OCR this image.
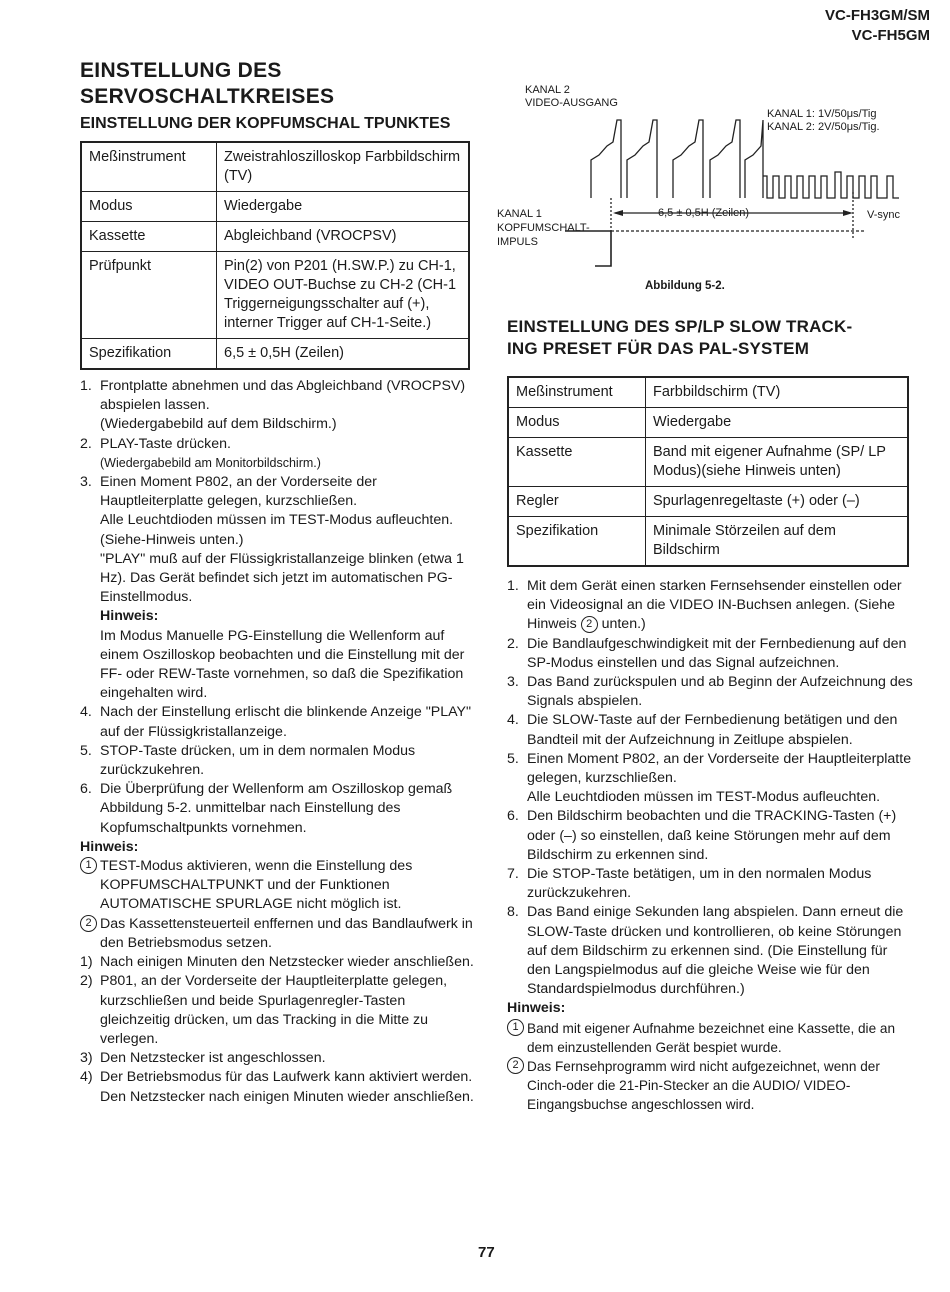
VC-FH3GM/SM
VC-FH5GM
EINSTELLUNG DES
SERVOSCHALTKREISES
EINSTELLUNG DER KOPFUMSCHAL TPUNKTES
Meßinstrument	Zweistrahloszilloskop Farbbildschirm (TV)
Modus	Wiedergabe
Kassette	Abgleichband (VROCPSV)
Prüfpunkt	Pin(2) von P201 (H.SW.P.) zu CH-1, VIDEO OUT-Buchse zu CH-2 (CH-1 Triggerneigungsschalter auf (+), interner Trigger auf CH-1-Seite.)
Spezifikation	6,5 ± 0,5H (Zeilen)
1. Frontplatte abnehmen und das Abgleichband (VROCPSV) abspielen lassen.
(Wiedergabebild auf dem Bildschirm.)
2. PLAY-Taste drücken.
(Wiedergabebild am Monitorbildschirm.)
3. Einen Moment P802, an der Vorderseite der Hauptleiterplatte gelegen, kurzschließen.
Alle Leuchtdioden müssen im TEST-Modus aufleuchten. (Siehe-Hinweis unten.)
"PLAY" muß auf der Flüssigkristallanzeige blinken (etwa 1 Hz). Das Gerät befindet sich jetzt im automatischen PG-Einstellmodus.
Hinweis:
Im Modus Manuelle PG-Einstellung die Wellenform auf einem Oszilloskop beobachten und die Einstellung mit der FF- oder REW-Taste vornehmen, so daß die Spezifikation eingehalten wird.
4. Nach der Einstellung erlischt die blinkende Anzeige "PLAY" auf der Flüssigkristallanzeige.
5. STOP-Taste drücken, um in dem normalen Modus zurückzukehren.
6. Die Überprüfung der Wellenform am Oszilloskop gemaß Abbildung 5-2. unmittelbar nach Einstellung des Kopfumschaltpunkts vornehmen.
Hinweis:
1 TEST-Modus aktivieren, wenn die Einstellung des KOPFUMSCHALTPUNKT und der Funktionen AUTOMATISCHE SPURLAGE nicht möglich ist.
2 Das Kassettensteuerteil enffernen und das Bandlaufwerk in den Betriebsmodus setzen.
1) Nach einigen Minuten den Netzstecker wieder anschließen.
2) P801, an der Vorderseite der Hauptleiterplatte gelegen, kurzschließen und beide Spurlagenregler-Tasten gleichzeitig drücken, um das Tracking in die Mitte zu verlegen.
3) Den Netzstecker ist angeschlossen.
4) Der Betriebsmodus für das Laufwerk kann aktiviert werden.
Den Netzstecker nach einigen Minuten wieder anschließen.
KANAL 2
VIDEO-AUSGANG
KANAL 1: 1V/50μs/Tig
KANAL 2: 2V/50μs/Tig.
KANAL 1
KOPFUMSCHALT-
IMPULS
6,5 ± 0,5H (Zeilen)	V-sync
Abbildung 5-2.
EINSTELLUNG DES SP/LP SLOW TRACK-
ING PRESET FÜR DAS PAL-SYSTEM
Meßinstrument	Farbbildschirm (TV)
Modus	Wiedergabe
Kassette	Band mit eigener Aufnahme (SP/ LP Modus)(siehe Hinweis unten)
Regler	Spurlagenregeltaste (+) oder (–)
Spezifikation	Minimale Störzeilen auf dem Bildschirm
1. Mit dem Gerät einen starken Fernsehsender einstellen oder ein Videosignal an die VIDEO IN-Buchsen anlegen. (Siehe Hinweis 2 unten.)
2. Die Bandlaufgeschwindigkeit mit der Fernbedienung auf den SP-Modus einstellen und das Signal aufzeichnen.
3. Das Band zurückspulen und ab Beginn der Aufzeichnung des Signals abspielen.
4. Die SLOW-Taste auf der Fernbedienung betätigen und den Bandteil mit der Aufzeichnung in Zeitlupe abspielen.
5. Einen Moment P802, an der Vorderseite der Hauptleiterplatte gelegen, kurzschließen.
Alle Leuchtdioden müssen im TEST-Modus aufleuchten.
6. Den Bildschirm beobachten und die TRACKING-Tasten (+) oder (–) so einstellen, daß keine Störungen mehr auf dem Bildschirm zu erkennen sind.
7. Die STOP-Taste betätigen, um in den normalen Modus zurückzukehren.
8. Das Band einige Sekunden lang abspielen. Dann erneut die SLOW-Taste drücken und kontrollieren, ob keine Störungen auf dem Bildschirm zu erkennen sind. (Die Einstellung für den Langspielmodus auf die gleiche Weise wie für den Standardspielmodus durchführen.)
Hinweis:
1 Band mit eigener Aufnahme bezeichnet eine Kassette, die an dem einzustellenden Gerät bespiet wurde.
2 Das Fernsehprogramm wird nicht aufgezeichnet, wenn der Cinch-oder die 21-Pin-Stecker an die AUDIO/ VIDEO-Eingangsbuchse angeschlossen wird.
77
